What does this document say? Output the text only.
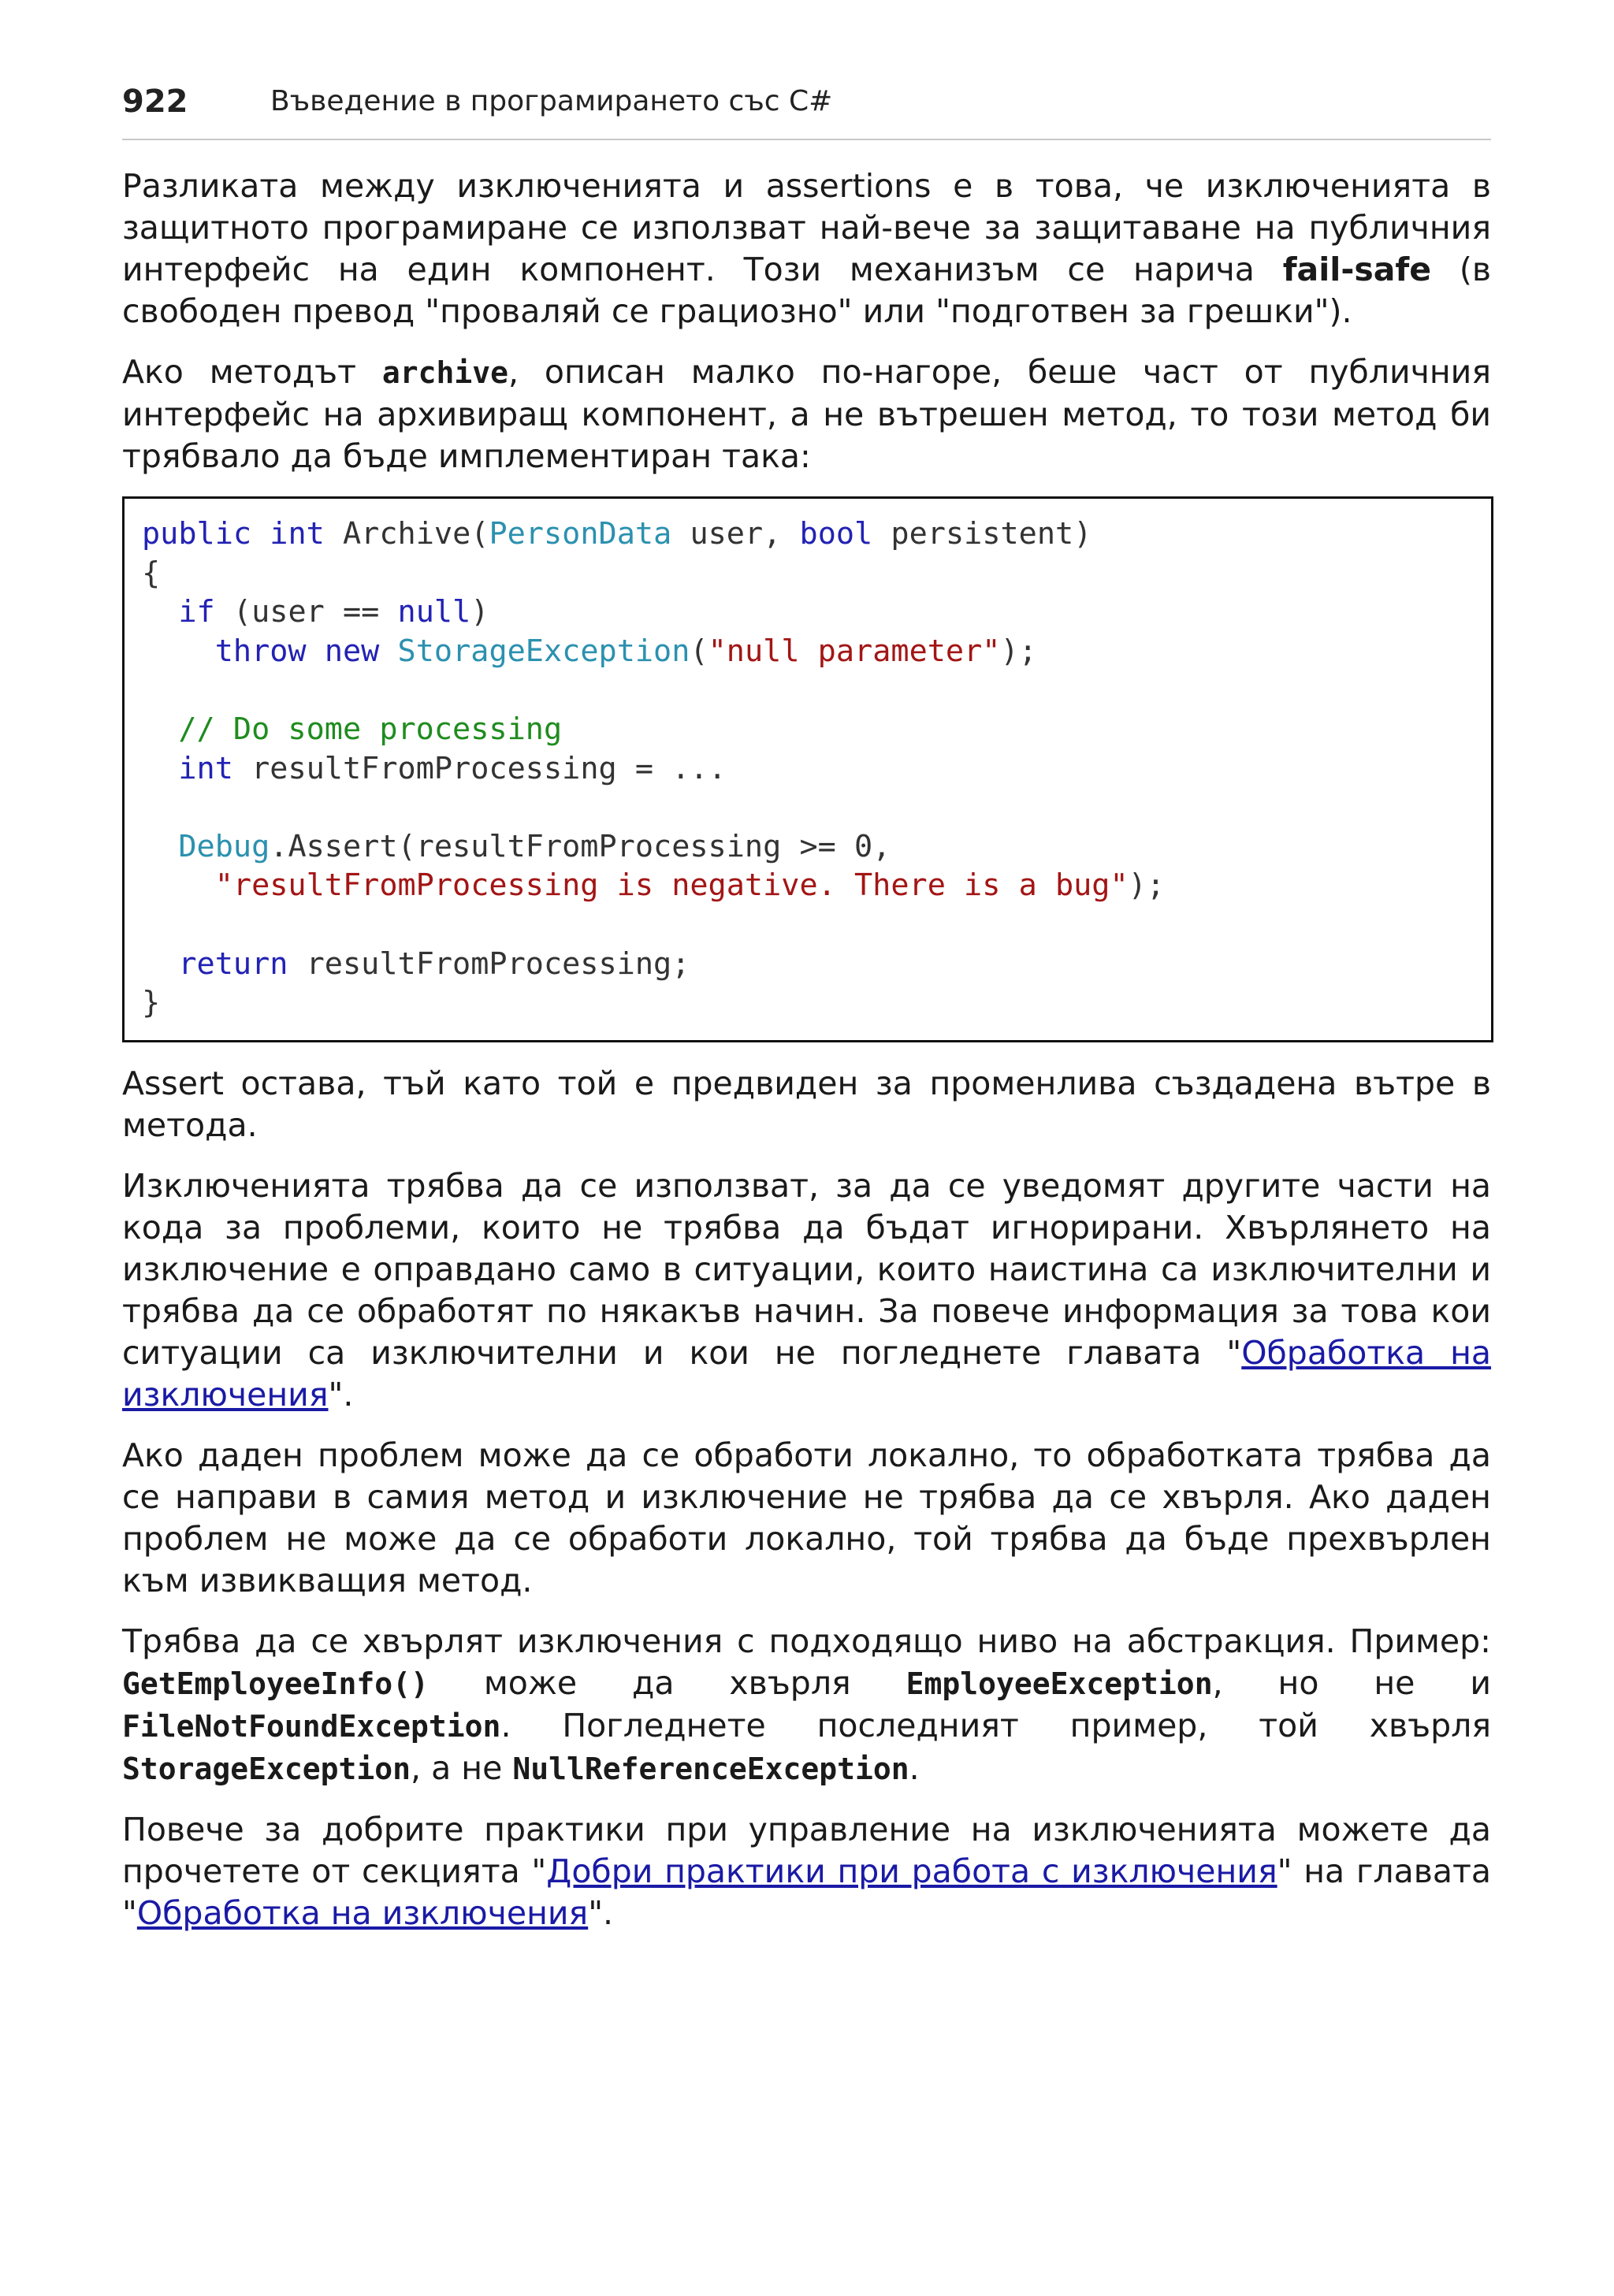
922	Въведение в програмирането със C#

Разликата между изключенията и assertions е в това, че изключенията в защитното програмиране се използват най-вече за защитаване на публичния интерфейс на един компонент. Този механизъм се нарича fail-safe (в свободен превод "проваляй се грациозно" или "подготвен за грешки").

Ако методът archive, описан малко по-нагоре, беше част от публичния интерфейс на архивиращ компонент, а не вътрешен метод, то този метод би трябвало да бъде имплементиран така:

public int Archive(PersonData user, bool persistent)
{
if (user == null)
throw new StorageException("null parameter");

// Do some processing
int resultFromProcessing = ...

Debug.Assert(resultFromProcessing >= 0,
"resultFromProcessing is negative. There is a bug");

return resultFromProcessing;
}

Assert остава, тъй като той е предвиден за променлива създадена вътре в метода.

Изключенията трябва да се използват, за да се уведомят другите части на кода за проблеми, които не трябва да бъдат игнорирани. Хвърлянето на изключение е оправдано само в ситуации, които наистина са изключителни и трябва да се обработят по някакъв начин. За повече информация за това кои ситуации са изключителни и кои не погледнете главата "Обработка на изключения".

Ако даден проблем може да се обработи локално, то обработката трябва да се направи в самия метод и изключение не трябва да се хвърля. Ако даден проблем не може да се обработи локално, той трябва да бъде прехвърлен към извикващия метод.

Трябва да се хвърлят изключения с подходящо ниво на абстракция. Пример: GetEmployeeInfo() може да хвърля EmployeeException, но не и FileNotFoundException. Погледнете последният пример, той хвърля StorageException, а не NullReferenceException.

Повече за добрите практики при управление на изключенията можете да прочетете от секцията "Добри практики при работа с изключения" на главата "Обработка на изключения".
